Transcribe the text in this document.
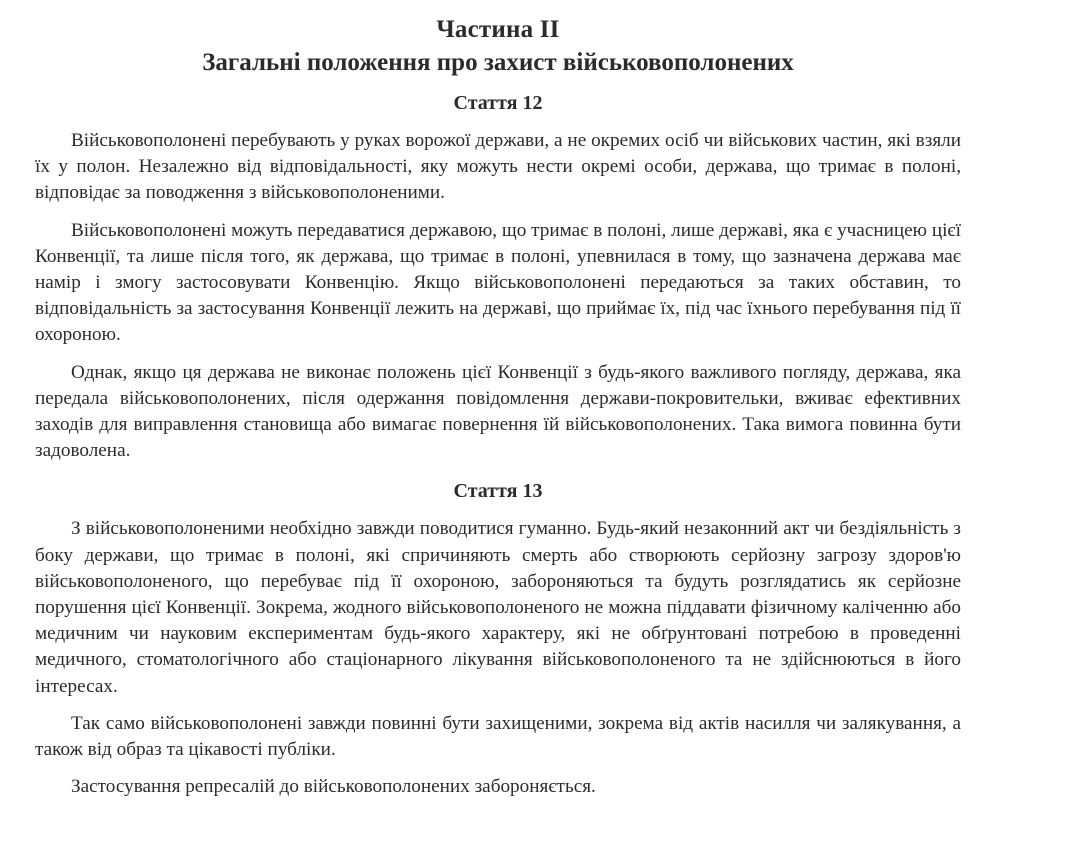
Частина II
Загальні положення про захист військовополонених
Стаття 12

Військовополонені перебувають у руках ворожої держави, а не окремих осіб чи військових частин, які взяли їх у полон. Незалежно від відповідальності, яку можуть нести окремі особи, держава, що тримає в полоні, відповідає за поводження з військовополоненими.

Військовополонені можуть передаватися державою, що тримає в полоні, лише державі, яка є учасницею цієї Конвенції, та лише після того, як держава, що тримає в полоні, упевнилася в тому, що зазначена держава має намір і змогу застосовувати Конвенцію. Якщо військовополонені передаються за таких обставин, то відповідальність за застосування Конвенції лежить на державі, що приймає їх, під час їхнього перебування під її охороною.

Однак, якщо ця держава не виконає положень цієї Конвенції з будь-якого важливого погляду, держава, яка передала військовополонених, після одержання повідомлення держави-покровительки, вживає ефективних заходів для виправлення становища або вимагає повернення їй військовополонених. Така вимога повинна бути задоволена.

Стаття 13

З військовополоненими необхідно завжди поводитися гуманно. Будь-який незаконний акт чи бездіяльність з боку держави, що тримає в полоні, які спричиняють смерть або створюють серйозну загрозу здоров'ю військовополоненого, що перебуває під її охороною, забороняються та будуть розглядатись як серйозне порушення цієї Конвенції. Зокрема, жодного військовополоненого не можна піддавати фізичному каліченню або медичним чи науковим експериментам будь-якого характеру, які не обґрунтовані потребою в проведенні медичного, стоматологічного або стаціонарного лікування військовополоненого та не здійснюються в його інтересах.

Так само військовополонені завжди повинні бути захищеними, зокрема від актів насилля чи залякування, а також від образ та цікавості публіки.

Застосування репресалій до військовополонених забороняється.
